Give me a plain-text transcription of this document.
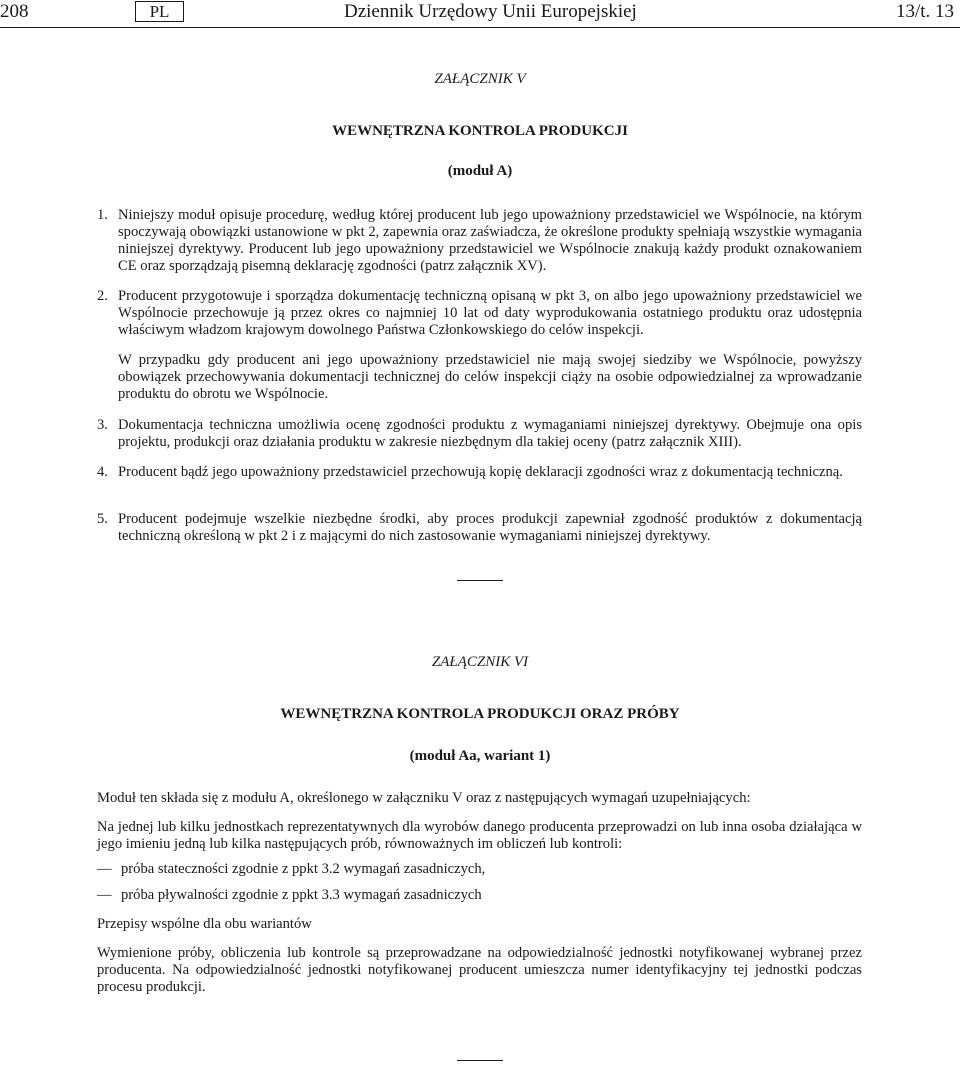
208	PL	Dziennik Urzędowy Unii Europejskiej	13/t. 13
ZAŁĄCZNIK V
WEWNĘTRZNA KONTROLA PRODUKCJI
(moduł A)
1. Niniejszy moduł opisuje procedurę, według której producent lub jego upoważniony przedstawiciel we Wspólnocie, na którym spoczywają obowiązki ustanowione w pkt 2, zapewnia oraz zaświadcza, że określone produkty spełniają wszystkie wymagania niniejszej dyrektywy. Producent lub jego upoważniony przedstawiciel we Wspólnocie znakują każdy produkt oznakowaniem CE oraz sporządzają pisemną deklarację zgodności (patrz załącznik XV).
2. Producent przygotowuje i sporządza dokumentację techniczną opisaną w pkt 3, on albo jego upoważniony przedstawiciel we Wspólnocie przechowuje ją przez okres co najmniej 10 lat od daty wyprodukowania ostatniego produktu oraz udostępnia właściwym władzom krajowym dowolnego Państwa Członkowskiego do celów inspekcji.
W przypadku gdy producent ani jego upoważniony przedstawiciel nie mają swojej siedziby we Wspólnocie, powyższy obowiązek przechowywania dokumentacji technicznej do celów inspekcji ciąży na osobie odpowiedzialnej za wprowadzanie produktu do obrotu we Wspólnocie.
3. Dokumentacja techniczna umożliwia ocenę zgodności produktu z wymaganiami niniejszej dyrektywy. Obejmuje ona opis projektu, produkcji oraz działania produktu w zakresie niezbędnym dla takiej oceny (patrz załącznik XIII).
4. Producent bądź jego upoważniony przedstawiciel przechowują kopię deklaracji zgodności wraz z dokumentacją techniczną.
5. Producent podejmuje wszelkie niezbędne środki, aby proces produkcji zapewniał zgodność produktów z dokumentacją techniczną określoną w pkt 2 i z mającymi do nich zastosowanie wymaganiami niniejszej dyrektywy.
ZAŁĄCZNIK VI
WEWNĘTRZNA KONTROLA PRODUKCJI ORAZ PRÓBY
(moduł Aa, wariant 1)
Moduł ten składa się z modułu A, określonego w załączniku V oraz z następujących wymagań uzupełniających:
Na jednej lub kilku jednostkach reprezentatywnych dla wyrobów danego producenta przeprowadzi on lub inna osoba działająca w jego imieniu jedną lub kilka następujących prób, równoważnych im obliczeń lub kontroli:
— próba stateczności zgodnie z ppkt 3.2 wymagań zasadniczych,
— próba pływalności zgodnie z ppkt 3.3 wymagań zasadniczych
Przepisy wspólne dla obu wariantów
Wymienione próby, obliczenia lub kontrole są przeprowadzane na odpowiedzialność jednostki notyfikowanej wybranej przez producenta. Na odpowiedzialność jednostki notyfikowanej producent umieszcza numer identyfikacyjny tej jednostki podczas procesu produkcji.
